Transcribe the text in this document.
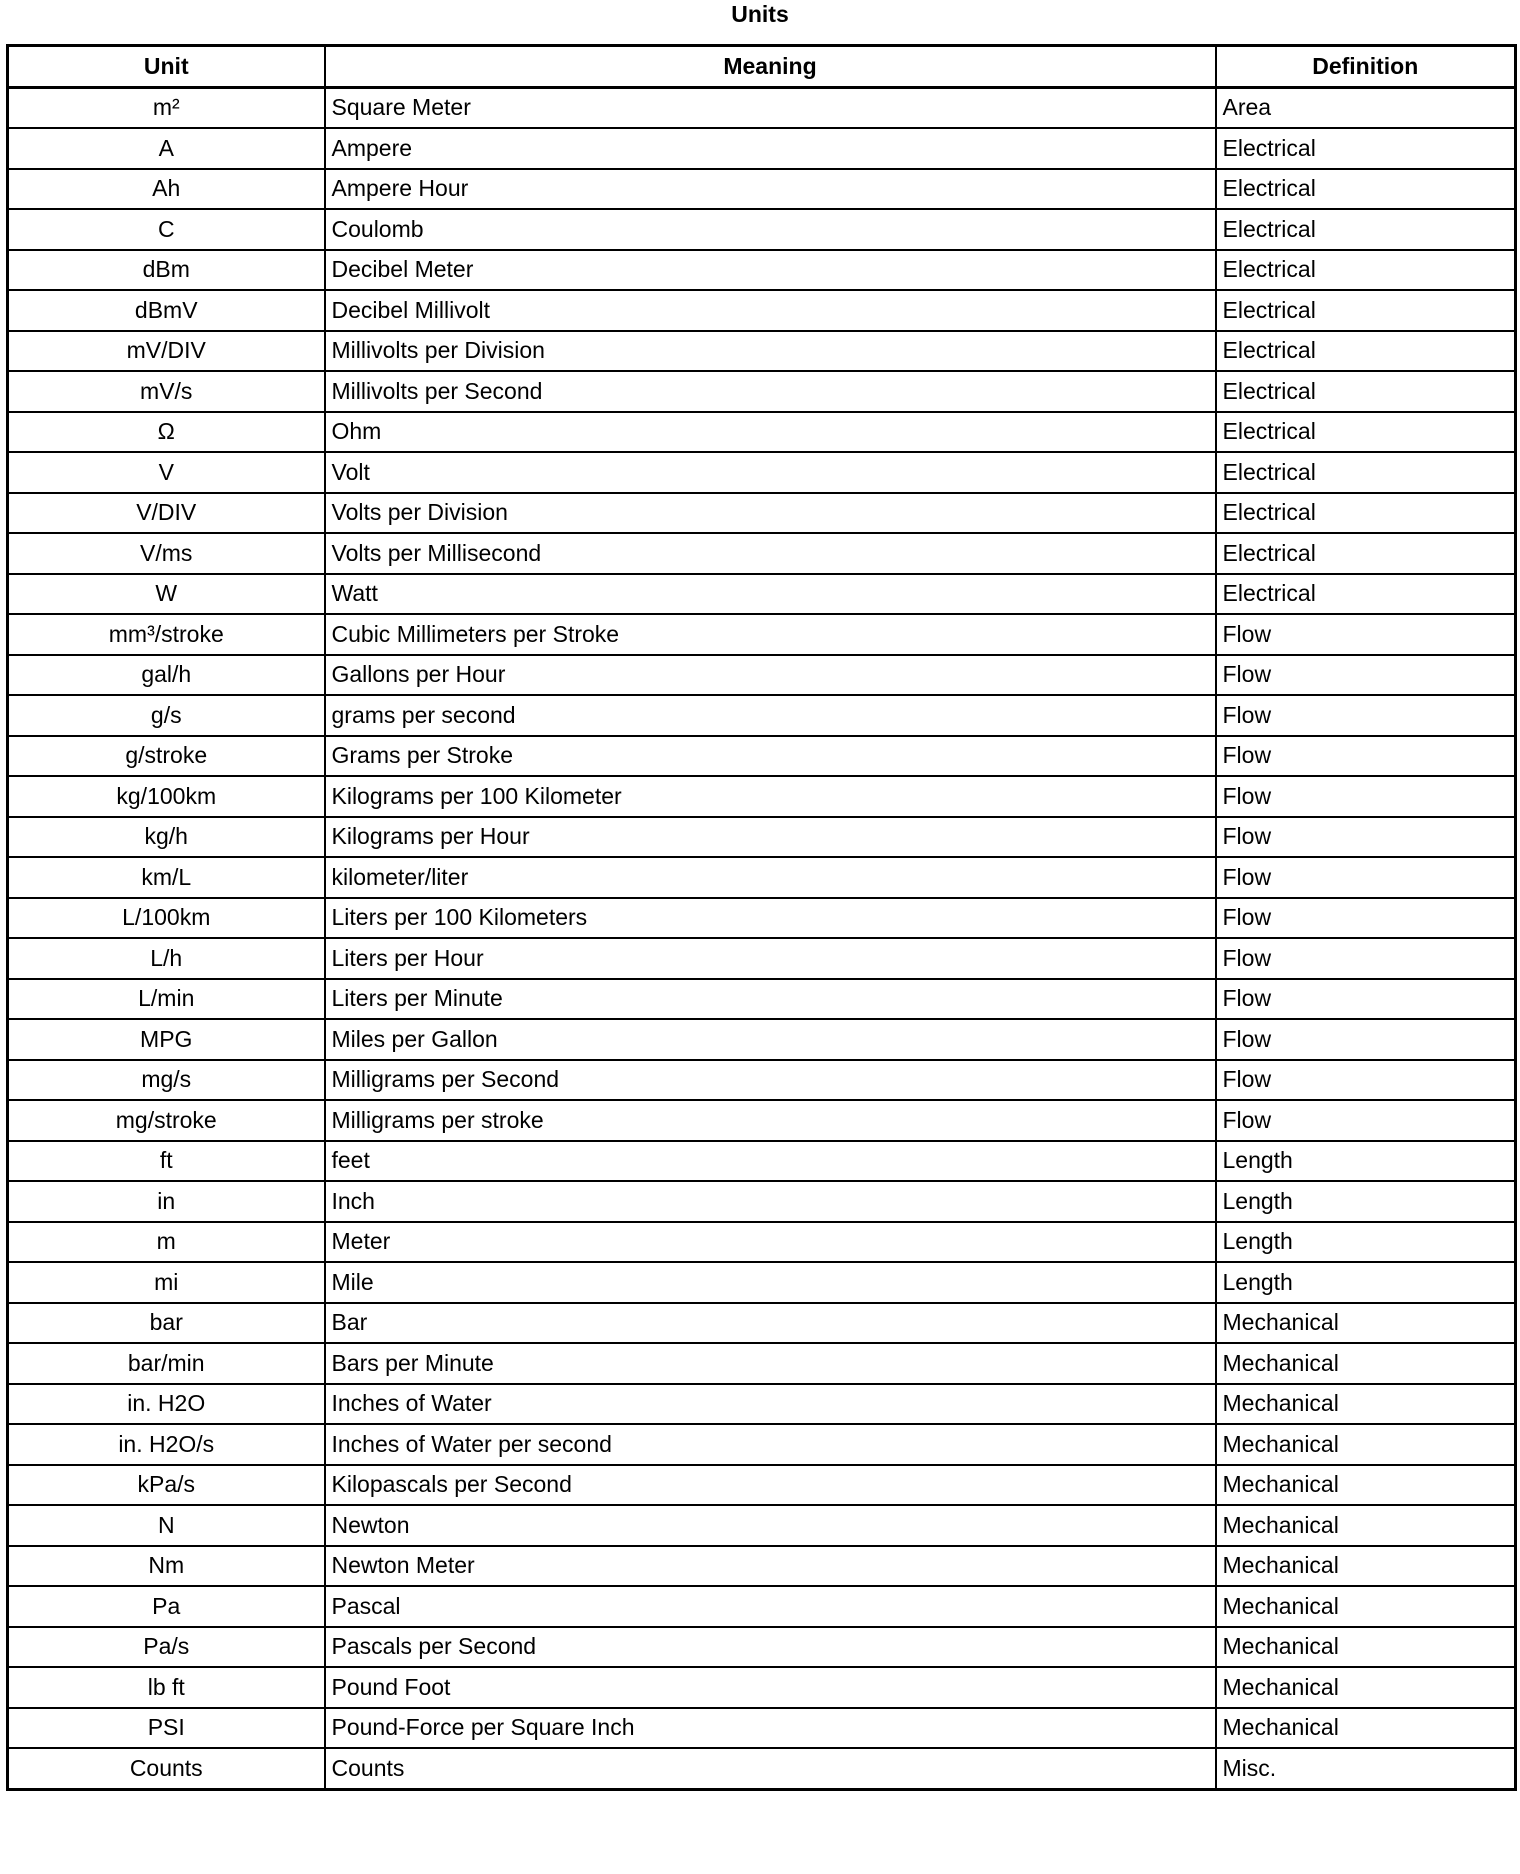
Units
Unit	Meaning	Definition
m²	Square Meter	Area
A	Ampere	Electrical
Ah	Ampere Hour	Electrical
C	Coulomb	Electrical
dBm	Decibel Meter	Electrical
dBmV	Decibel Millivolt	Electrical
mV/DIV	Millivolts per Division	Electrical
mV/s	Millivolts per Second	Electrical
Ω	Ohm	Electrical
V	Volt	Electrical
V/DIV	Volts per Division	Electrical
V/ms	Volts per Millisecond	Electrical
W	Watt	Electrical
mm³/stroke	Cubic Millimeters per Stroke	Flow
gal/h	Gallons per Hour	Flow
g/s	grams per second	Flow
g/stroke	Grams per Stroke	Flow
kg/100km	Kilograms per 100 Kilometer	Flow
kg/h	Kilograms per Hour	Flow
km/L	kilometer/liter	Flow
L/100km	Liters per 100 Kilometers	Flow
L/h	Liters per Hour	Flow
L/min	Liters per Minute	Flow
MPG	Miles per Gallon	Flow
mg/s	Milligrams per Second	Flow
mg/stroke	Milligrams per stroke	Flow
ft	feet	Length
in	Inch	Length
m	Meter	Length
mi	Mile	Length
bar	Bar	Mechanical
bar/min	Bars per Minute	Mechanical
in. H2O	Inches of Water	Mechanical
in. H2O/s	Inches of Water per second	Mechanical
kPa/s	Kilopascals per Second	Mechanical
N	Newton	Mechanical
Nm	Newton Meter	Mechanical
Pa	Pascal	Mechanical
Pa/s	Pascals per Second	Mechanical
lb ft	Pound Foot	Mechanical
PSI	Pound-Force per Square Inch	Mechanical
Counts	Counts	Misc.
